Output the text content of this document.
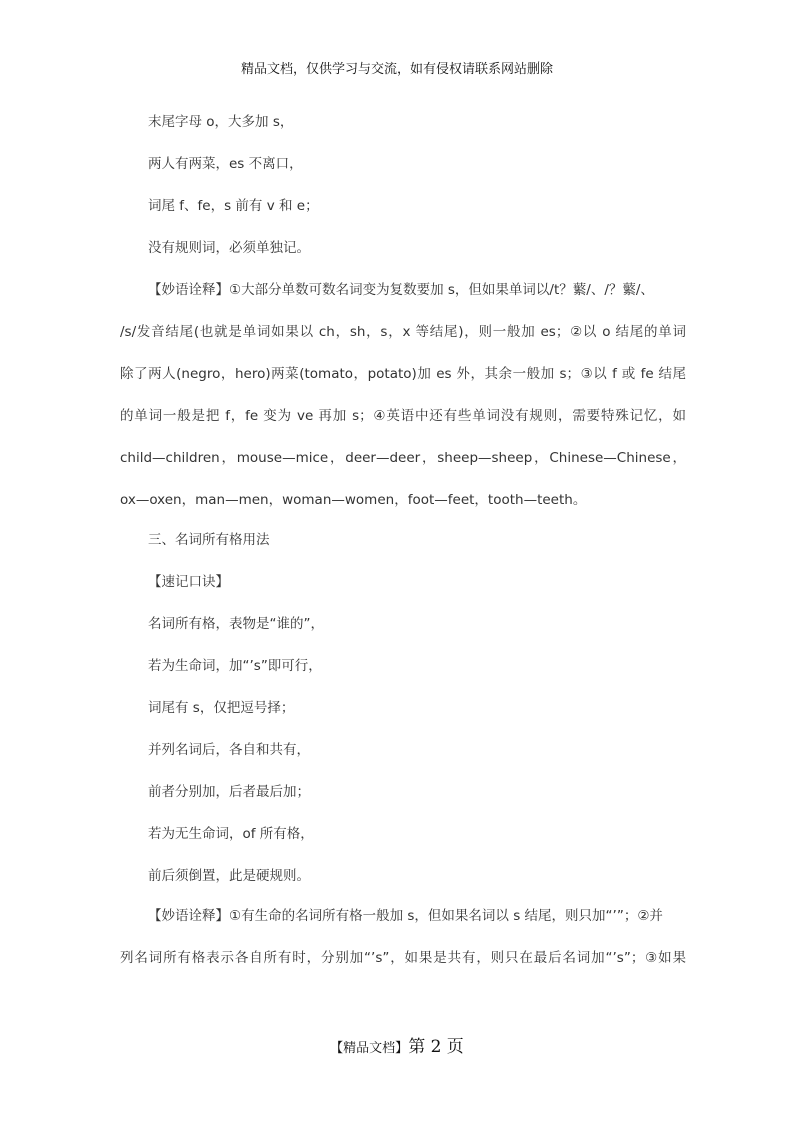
精品文档，仅供学习与交流，如有侵权请联系网站删除
末尾字母 o，大多加 s，
两人有两菜，es 不离口，
词尾 f、fe，s 前有 v 和 e；
没有规则词，必须单独记。
【妙语诠释】①大部分单数可数名词变为复数要加 s，但如果单词以/t？蘩/、/？蘩/、
/s/发音结尾(也就是单词如果以 ch，sh，s，x 等结尾)，则一般加 es；②以 o 结尾的单词
除了两人(negro，hero)两菜(tomato，potato)加 es 外，其余一般加 s；③以 f 或 fe 结尾
的单词一般是把 f，fe 变为 ve 再加 s；④英语中还有些单词没有规则，需要特殊记忆，如
child—children，mouse—mice，deer—deer，sheep—sheep，Chinese—Chinese，
ox—oxen，man—men，woman—women，foot—feet，tooth—teeth。
三、名词所有格用法
【速记口诀】
名词所有格，表物是“谁的”，
若为生命词，加“’s”即可行，
词尾有 s，仅把逗号择；
并列名词后，各自和共有，
前者分别加，后者最后加；
若为无生命词，of 所有格，
前后须倒置，此是硬规则。
【妙语诠释】①有生命的名词所有格一般加 s，但如果名词以 s 结尾，则只加“’”；②并
列名词所有格表示各自所有时，分别加“’s”，如果是共有，则只在最后名词加“’s”；③如果
【精品文档】第 2 页
